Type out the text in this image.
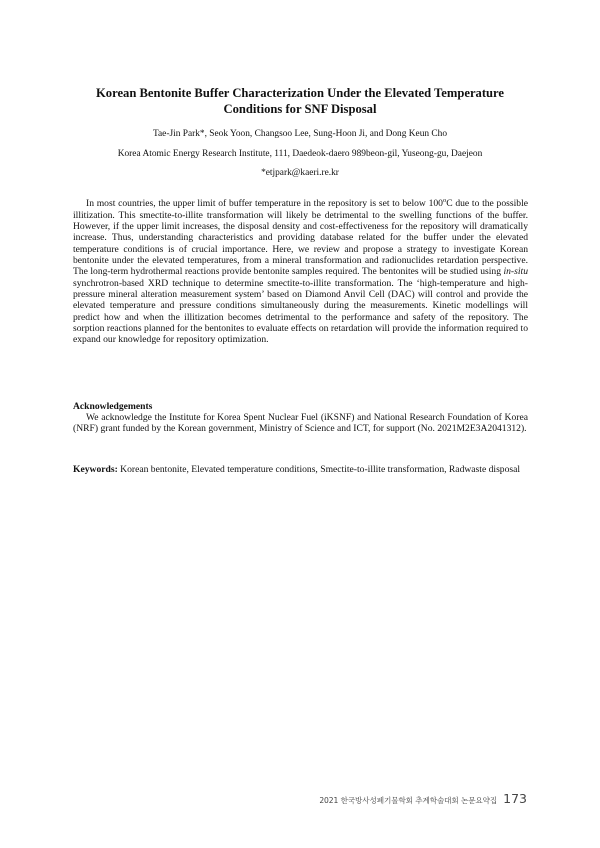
Korean Bentonite Buffer Characterization Under the Elevated Temperature
Conditions for SNF Disposal
Tae-Jin Park*, Seok Yoon, Changsoo Lee, Sung-Hoon Ji, and Dong Keun Cho
Korea Atomic Energy Research Institute, 111, Daedeok-daero 989beon-gil, Yuseong-gu, Daejeon
*etjpark@kaeri.re.kr

In most countries, the upper limit of buffer temperature in the repository is set to below 100$^o$C due to the possible illitization. This smectite-to-illite transformation will likely be detrimental to the swelling functions of the buffer. However, if the upper limit increases, the disposal density and cost-effectiveness for the repository will dramatically increase. Thus, understanding characteristics and providing database related for the buffer under the elevated temperature conditions is of crucial importance. Here, we review and propose a strategy to investigate Korean bentonite under the elevated temperatures, from a mineral transformation and radionuclides retardation perspective. The long-term hydrothermal reactions provide bentonite samples required. The bentonites will be studied using in-situ synchrotron-based XRD technique to determine smectite-to-illite transformation. The ‘high-temperature and high-pressure mineral alteration measurement system’ based on Diamond Anvil Cell (DAC) will control and provide the elevated temperature and pressure conditions simultaneously during the measurements. Kinetic modellings will predict how and when the illitization becomes detrimental to the performance and safety of the repository. The sorption reactions planned for the bentonites to evaluate effects on retardation will provide the information required to expand our knowledge for repository optimization.

Acknowledgements

We acknowledge the Institute for Korea Spent Nuclear Fuel (iKSNF) and National Research Foundation of Korea (NRF) grant funded by the Korean government, Ministry of Science and ICT, for support (No. 2021M2E3A2041312).

Keywords: Korean bentonite, Elevated temperature conditions, Smectite-to-illite transformation, Radwaste disposal

2021 한국방사성폐기물학회 추계학술대회 논문요약집 173
